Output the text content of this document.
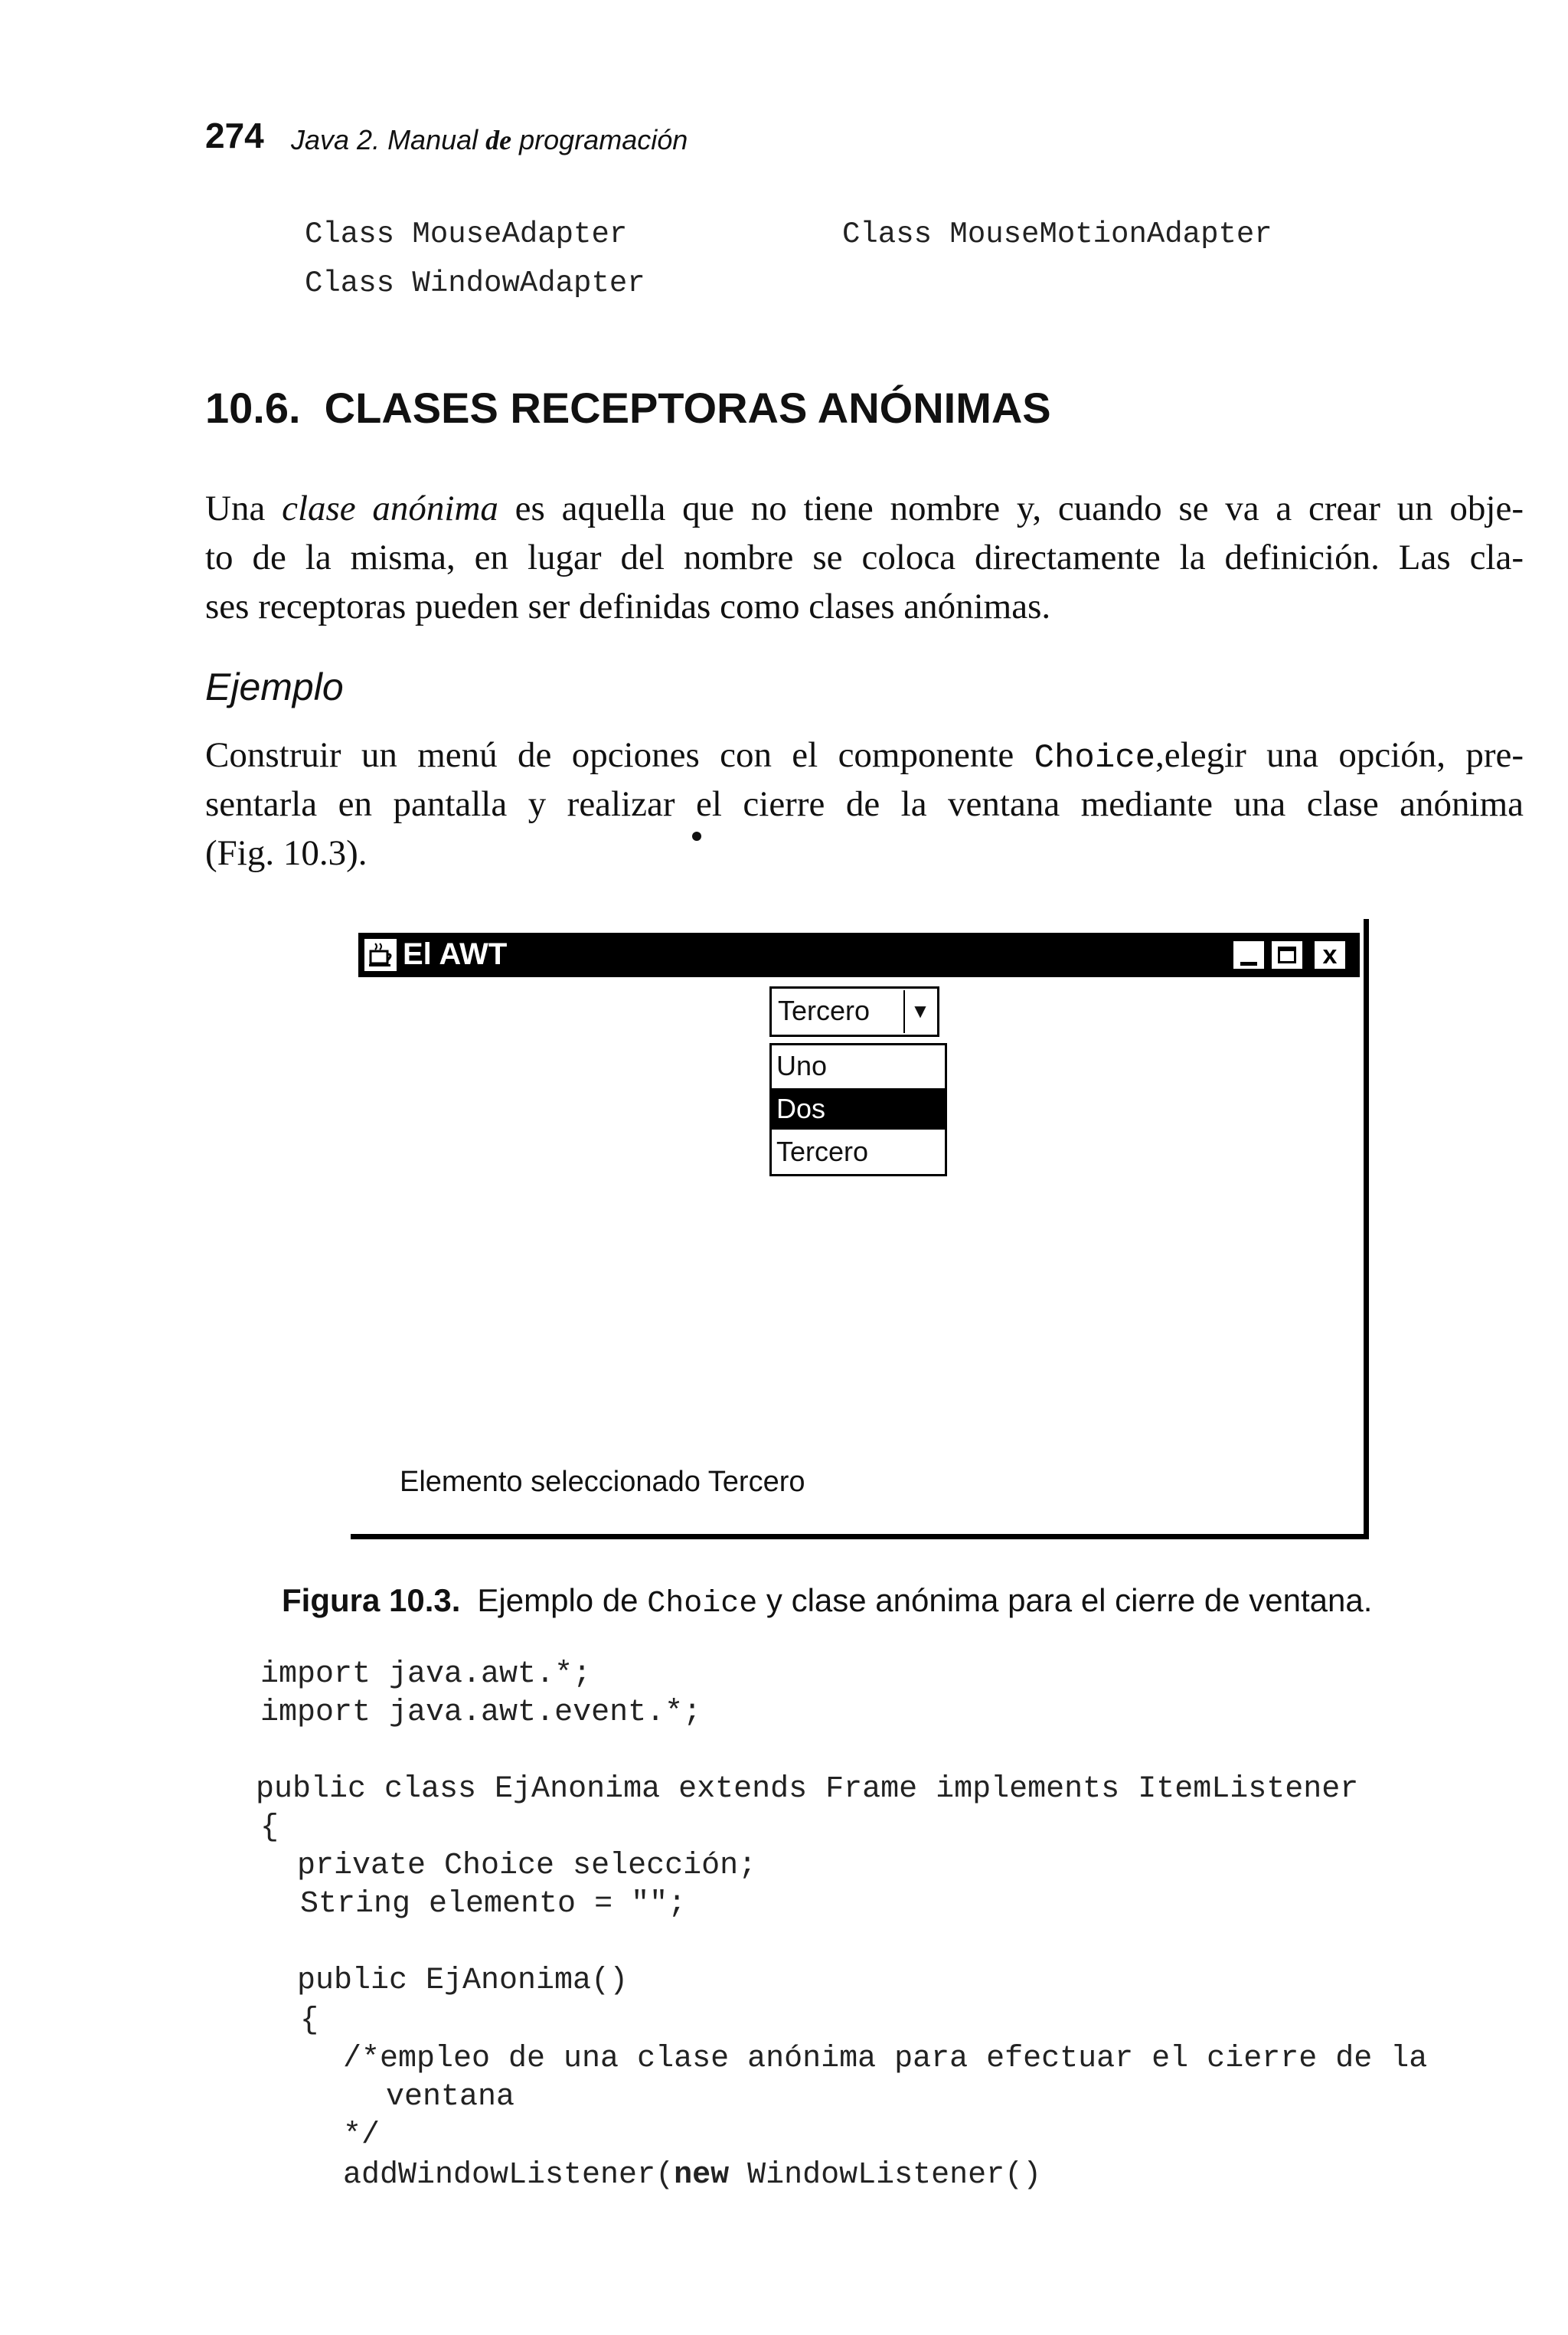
274 Java 2. Manual de programación
Class MouseAdapter	Class MouseMotionAdapter
Class WindowAdapter
10.6.  CLASES RECEPTORAS ANÓNIMAS
Una clase anónima es aquella que no tiene nombre y, cuando se va a crear un obje-
to de la misma, en lugar del nombre se coloca directamente la definición. Las cla-
ses receptoras pueden ser definidas como clases anónimas.
Ejemplo
Construir un menú de opciones con el componente Choice,elegir una opción, pre-
sentarla en pantalla y realizar el cierre de la ventana mediante una clase anónima
(Fig. 10.3).
El AWT	x
Tercero	▼
Uno
Dos
Tercero
Elemento seleccionado Tercero
Figura 10.3. Ejemplo de Choice y clase anónima para el cierre de ventana.
import java.awt.*;
import java.awt.event.*;
public class EjAnonima extends Frame implements ItemListener
{
private Choice selección;
String elemento = "";
public EjAnonima()
{
/*empleo de una clase anónima para efectuar el cierre de la
ventana
*/
addWindowListener(new WindowListener()
